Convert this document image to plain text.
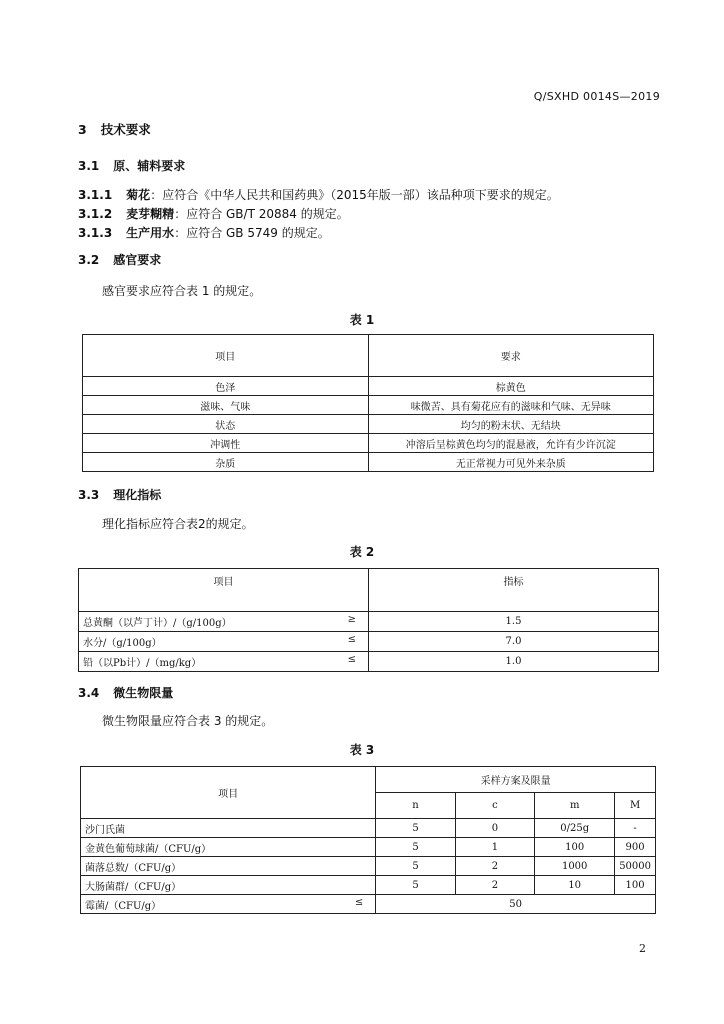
Q/SXHD 0014S—2019
3 技术要求
3.1 原、辅料要求
3.1.1 菊花：应符合《中华人民共和国药典》（2015年版一部）该品种项下要求的规定。
3.1.2 麦芽糊精：应符合 GB/T 20884 的规定。
3.1.3 生产用水：应符合 GB 5749 的规定。
3.2 感官要求
感官要求应符合表 1 的规定。
表 1
项目	要求
色泽	棕黄色
滋味、气味	味微苦、具有菊花应有的滋味和气味、无异味
状态	均匀的粉末状、无结块
冲调性	冲溶后呈棕黄色均匀的混悬液，允许有少许沉淀
杂质	无正常视力可见外来杂质
3.3 理化指标
理化指标应符合表2的规定。
表 2
项目	指标
总黄酮（以芦丁计）/（g/100g） ≥	1.5
水分/（g/100g） ≤	7.0
铅（以Pb计）/（mg/kg） ≤	1.0
3.4 微生物限量
微生物限量应符合表 3 的规定。
表 3
项目	采样方案及限量			
	n	c	m	M
沙门氏菌	5	0	0/25g	-
金黄色葡萄球菌/（CFU/g）	5	1	100	900
菌落总数/（CFU/g）	5	2	1000	50000
大肠菌群/（CFU/g）	5	2	10	100
霉菌/（CFU/g） ≤	50			
2
